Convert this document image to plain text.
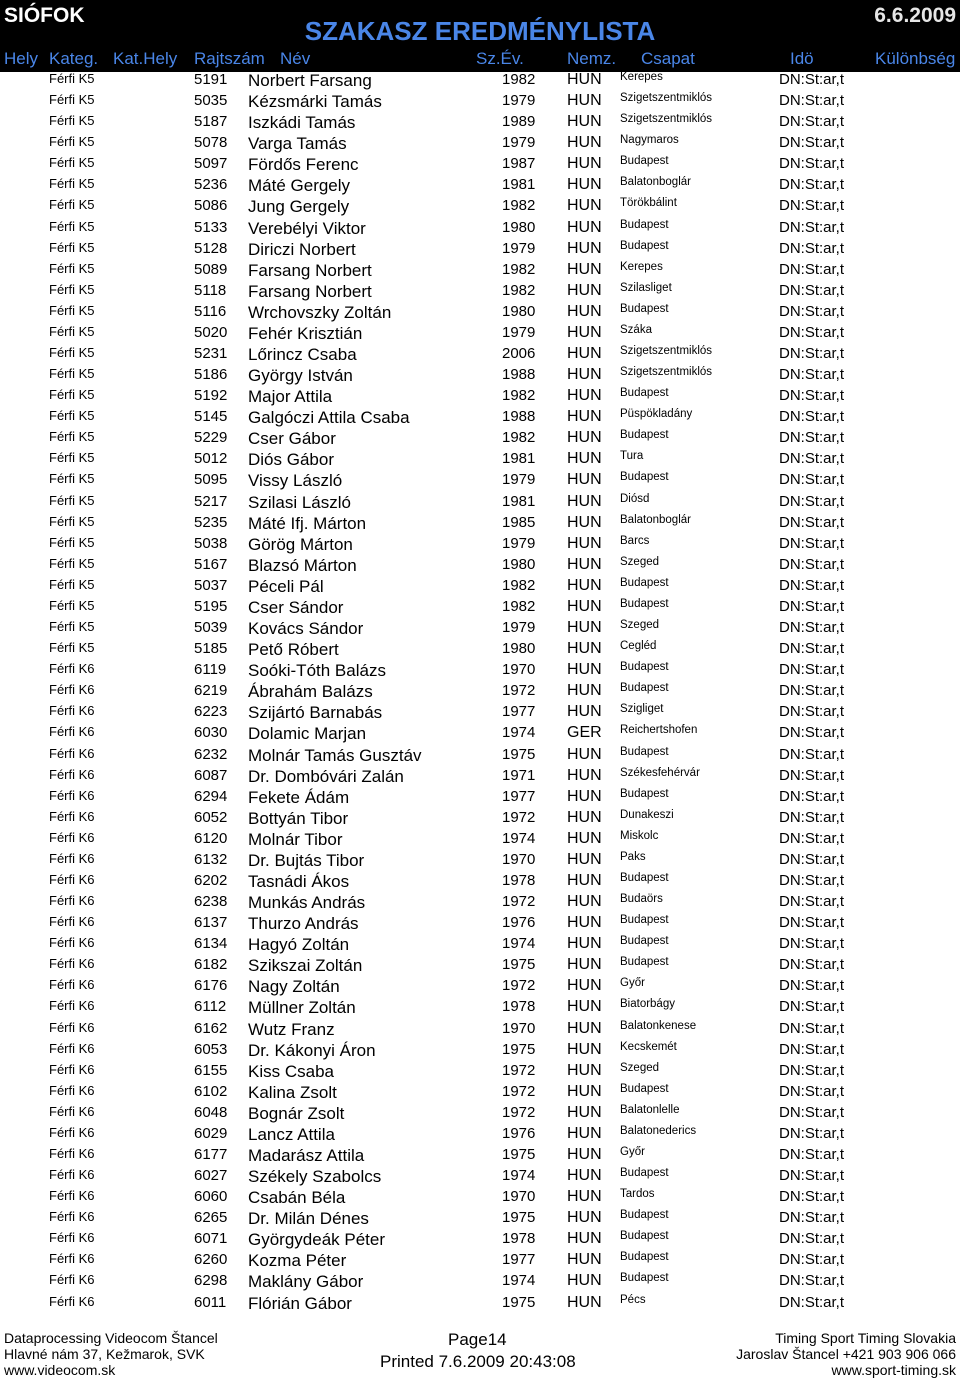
SIÓFOK
SZAKASZ EREDMÉNYLISTA
6.6.2009
Hely Kateg. Kat.Hely Rajtszám Név	Sz.Év.	Nemz. Csapat	Idö	Különbség
Férfi K5	5191 Norbert Farsang	1982 HUN Kerepes	DN:St:ar,t
Férfi K5	5035 Kézsmárki Tamás	1979 HUN Szigetszentmiklós	DN:St:ar,t
Férfi K5	5187 Iszkádi Tamás	1989 HUN Szigetszentmiklós	DN:St:ar,t
Férfi K5	5078 Varga Tamás	1979 HUN Nagymaros	DN:St:ar,t
Férfi K5	5097 Fördős Ferenc	1987 HUN Budapest	DN:St:ar,t
Férfi K5	5236 Máté Gergely	1981 HUN Balatonboglár	DN:St:ar,t
Férfi K5	5086 Jung Gergely	1982 HUN Törökbálint	DN:St:ar,t
Férfi K5	5133 Verebélyi Viktor	1980 HUN Budapest	DN:St:ar,t
Férfi K5	5128 Diriczi Norbert	1979 HUN Budapest	DN:St:ar,t
Férfi K5	5089 Farsang Norbert	1982 HUN Kerepes	DN:St:ar,t
Férfi K5	5118 Farsang Norbert	1982 HUN Szilasliget	DN:St:ar,t
Férfi K5	5116 Wrchovszky Zoltán	1980 HUN Budapest	DN:St:ar,t
Férfi K5	5020 Fehér Krisztián	1979 HUN Száka	DN:St:ar,t
Férfi K5	5231 Lőrincz Csaba	2006 HUN Szigetszentmiklós	DN:St:ar,t
Férfi K5	5186 György István	1988 HUN Szigetszentmiklós	DN:St:ar,t
Férfi K5	5192 Major Attila	1982 HUN Budapest	DN:St:ar,t
Férfi K5	5145 Galgóczi Attila Csaba	1988 HUN Püspökladány	DN:St:ar,t
Férfi K5	5229 Cser Gábor	1982 HUN Budapest	DN:St:ar,t
Férfi K5	5012 Diós Gábor	1981 HUN Tura	DN:St:ar,t
Férfi K5	5095 Vissy László	1979 HUN Budapest	DN:St:ar,t
Férfi K5	5217 Szilasi László	1981 HUN Diósd	DN:St:ar,t
Férfi K5	5235 Máté Ifj. Márton	1985 HUN Balatonboglár	DN:St:ar,t
Férfi K5	5038 Görög Márton	1979 HUN Barcs	DN:St:ar,t
Férfi K5	5167 Blazsó Márton	1980 HUN Szeged	DN:St:ar,t
Férfi K5	5037 Péceli Pál	1982 HUN Budapest	DN:St:ar,t
Férfi K5	5195 Cser Sándor	1982 HUN Budapest	DN:St:ar,t
Férfi K5	5039 Kovács Sándor	1979 HUN Szeged	DN:St:ar,t
Férfi K5	5185 Pető Róbert	1980 HUN Cegléd	DN:St:ar,t
Férfi K6	6119 Soóki-Tóth Balázs	1970 HUN Budapest	DN:St:ar,t
Férfi K6	6219 Ábrahám Balázs	1972 HUN Budapest	DN:St:ar,t
Férfi K6	6223 Szijártó Barnabás	1977 HUN Szigliget	DN:St:ar,t
Férfi K6	6030 Dolamic Marjan	1974 GER Reichertshofen	DN:St:ar,t
Férfi K6	6232 Molnár Tamás Gusztáv	1975 HUN Budapest	DN:St:ar,t
Férfi K6	6087 Dr. Dombóvári Zalán	1971 HUN Székesfehérvár	DN:St:ar,t
Férfi K6	6294 Fekete Ádám	1977 HUN Budapest	DN:St:ar,t
Férfi K6	6052 Bottyán Tibor	1972 HUN Dunakeszi	DN:St:ar,t
Férfi K6	6120 Molnár Tibor	1974 HUN Miskolc	DN:St:ar,t
Férfi K6	6132 Dr. Bujtás Tibor	1970 HUN Paks	DN:St:ar,t
Férfi K6	6202 Tasnádi Ákos	1978 HUN Budapest	DN:St:ar,t
Férfi K6	6238 Munkás András	1972 HUN Budaörs	DN:St:ar,t
Férfi K6	6137 Thurzo András	1976 HUN Budapest	DN:St:ar,t
Férfi K6	6134 Hagyó Zoltán	1974 HUN Budapest	DN:St:ar,t
Férfi K6	6182 Szikszai Zoltán	1975 HUN Budapest	DN:St:ar,t
Férfi K6	6176 Nagy Zoltán	1972 HUN Győr	DN:St:ar,t
Férfi K6	6112 Müllner Zoltán	1978 HUN Biatorbágy	DN:St:ar,t
Férfi K6	6162 Wutz Franz	1970 HUN Balatonkenese	DN:St:ar,t
Férfi K6	6053 Dr. Kákonyi Áron	1975 HUN Kecskemét	DN:St:ar,t
Férfi K6	6155 Kiss Csaba	1972 HUN Szeged	DN:St:ar,t
Férfi K6	6102 Kalina Zsolt	1972 HUN Budapest	DN:St:ar,t
Férfi K6	6048 Bognár Zsolt	1972 HUN Balatonlelle	DN:St:ar,t
Férfi K6	6029 Lancz Attila	1976 HUN Balatonederics	DN:St:ar,t
Férfi K6	6177 Madarász Attila	1975 HUN Győr	DN:St:ar,t
Férfi K6	6027 Székely Szabolcs	1974 HUN Budapest	DN:St:ar,t
Férfi K6	6060 Csabán Béla	1970 HUN Tardos	DN:St:ar,t
Férfi K6	6265 Dr. Milán Dénes	1975 HUN Budapest	DN:St:ar,t
Férfi K6	6071 Györgydeák Péter	1978 HUN Budapest	DN:St:ar,t
Férfi K6	6260 Kozma Péter	1977 HUN Budapest	DN:St:ar,t
Férfi K6	6298 Maklány Gábor	1974 HUN Budapest	DN:St:ar,t
Férfi K6	6011 Flórián Gábor	1975 HUN Pécs	DN:St:ar,t
Dataprocessing Videocom Štancel
Hlavné nám 37, Kežmarok, SVK
www.videocom.sk
Page14
Printed 7.6.2009 20:43:08
Timing Sport Timing Slovakia
Jaroslav Štancel +421 903 906 066
www.sport-timing.sk
